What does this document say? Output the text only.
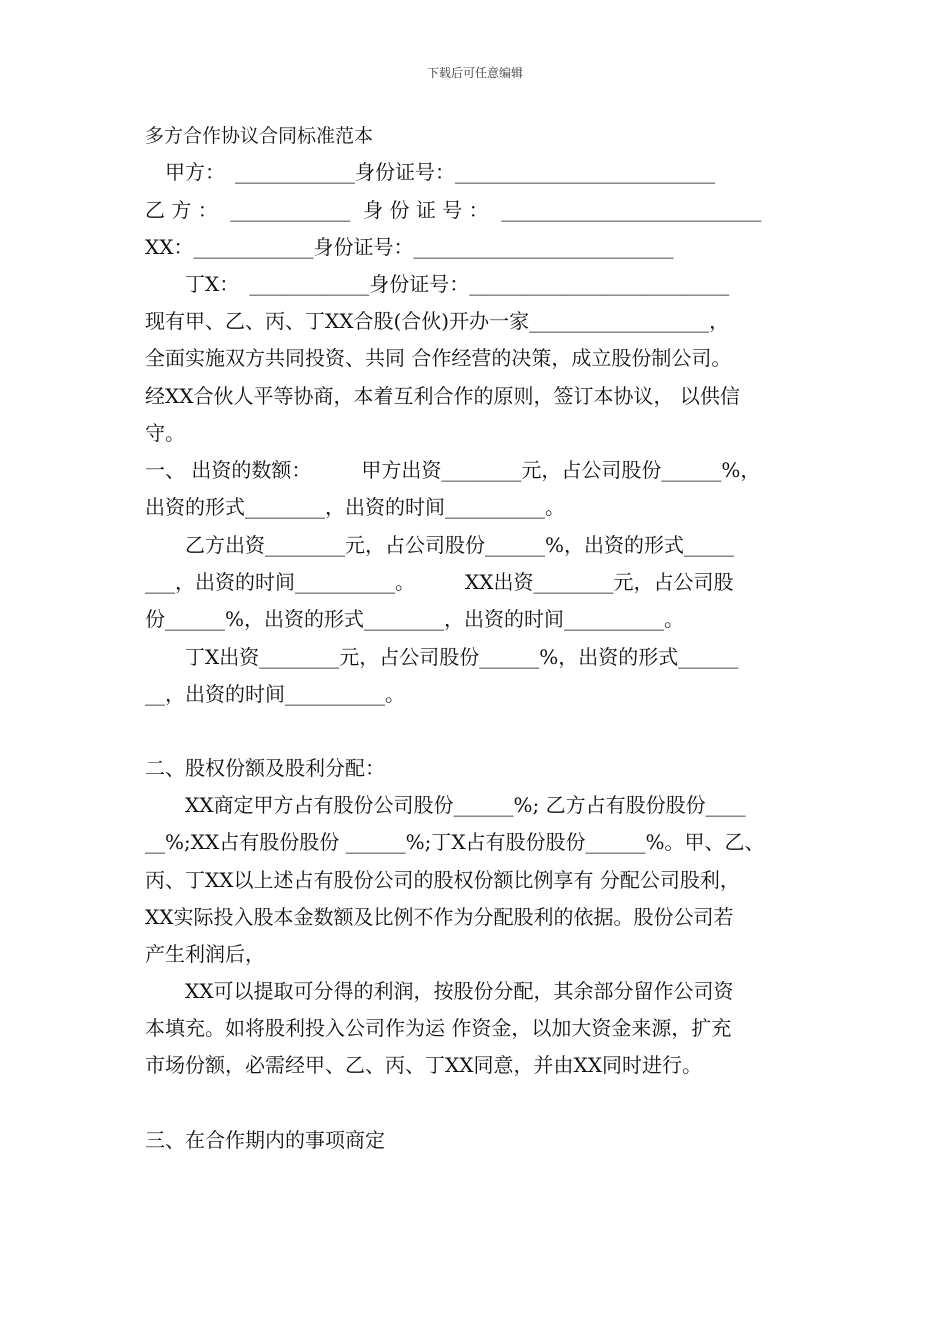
下载后可任意编辑
多方合作协议合同标准范本
　甲方：　____________身份证号：__________________________
乙 方 ：  ____________  身 份 证 号 ：  __________________________
XX：____________身份证号：__________________________
　　丁X：　____________身份证号：__________________________
现有甲、乙、丙、丁XX合股(合伙)开办一家__________________，
全面实施双方共同投资、共同 合作经营的决策，成立股份制公司。
经XX合伙人平等协商，本着互利合作的原则，签订本协议， 以供信
守。
一、 出资的数额：　　　甲方出资________元，占公司股份______%，
出资的形式________，出资的时间__________。
　　乙方出资________元，占公司股份______%，出资的形式_____
___，出资的时间__________。　　　XX出资________元，占公司股
份______%，出资的形式________，出资的时间__________。
　　丁X出资________元，占公司股份______%，出资的形式______
__，出资的时间__________。
二、股权份额及股利分配：
　　XX商定甲方占有股份公司股份______%; 乙方占有股份股份____
__%;XX占有股份股份 ______%;丁X占有股份股份______%。甲、乙、
丙、丁XX以上述占有股份公司的股权份额比例享有 分配公司股利，
XX实际投入股本金数额及比例不作为分配股利的依据。股份公司若
产生利润后，
　　XX可以提取可分得的利润，按股份分配，其余部分留作公司资
本填充。如将股利投入公司作为运 作资金，以加大资金来源，扩充
市场份额，必需经甲、乙、丙、丁XX同意，并由XX同时进行。
三、在合作期内的事项商定
